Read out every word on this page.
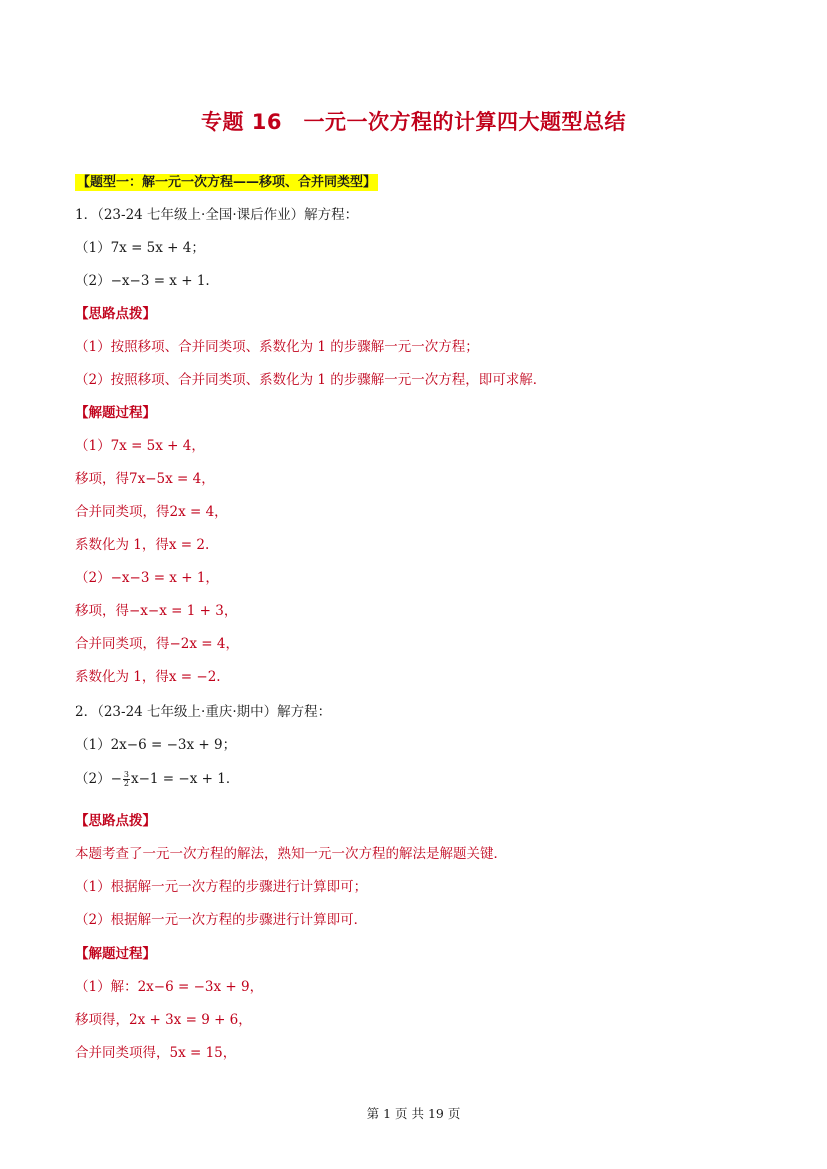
专题 16　一元一次方程的计算四大题型总结
【题型一：解一元一次方程——移项、合并同类型】
1．（23-24 七年级上·全国·课后作业）解方程：
（1）7x = 5x + 4；
（2）−x−3 = x + 1.
【思路点拨】
（1）按照移项、合并同类项、系数化为 1 的步骤解一元一次方程；
（2）按照移项、合并同类项、系数化为 1 的步骤解一元一次方程，即可求解．
【解题过程】
（1）7x = 5x + 4，
移项，得7x−5x = 4，
合并同类项，得2x = 4，
系数化为 1，得x = 2.
（2）−x−3 = x + 1，
移项，得−x−x = 1 + 3，
合并同类项，得−2x = 4，
系数化为 1，得x = −2.
2．（23-24 七年级上·重庆·期中）解方程：
（1）2x−6 = −3x + 9；
$(2)- \frac{3}{2} x-1 = -x + 1$．
【思路点拨】
本题考查了一元一次方程的解法，熟知一元一次方程的解法是解题关键．
（1）根据解一元一次方程的步骤进行计算即可；
（2）根据解一元一次方程的步骤进行计算即可．
【解题过程】
（1）解：2x−6 = −3x + 9，
移项得，2x + 3x = 9 + 6，
合并同类项得，5x = 15，
第 1 页 共 19 页
